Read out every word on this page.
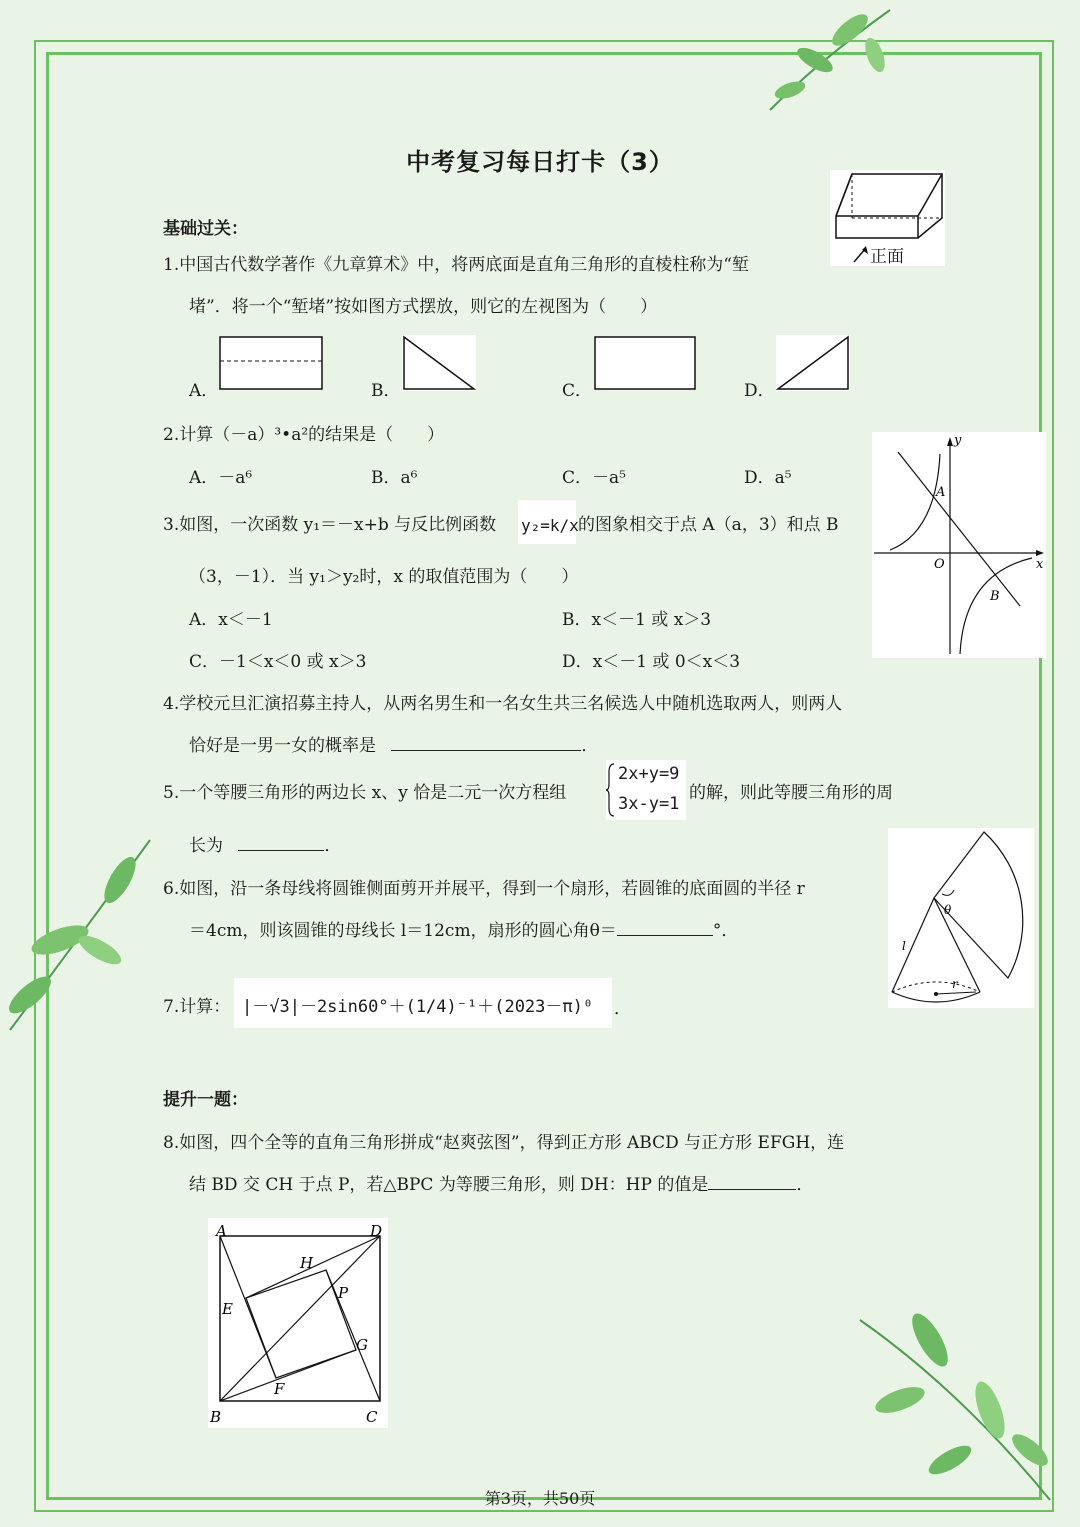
中考复习每日打卡（3）
基础过关：
1.中国古代数学著作《九章算术》中，将两底面是直角三角形的直棱柱称为“堑
堵”．将一个“堑堵”按如图方式摆放，则它的左视图为（　　）
正面
A．	B．	C．	D．
2.计算（－a）³•a²的结果是（　　）
A．－a⁶	B．a⁶	C．－a⁵	D．a⁵
y
x
O
A
B
3.如图，一次函数 y₁＝－x+b 与反比例函数 y₂=k/x 的图象相交于点 A（a，3）和点 B
（3，－1）．当 y₁＞y₂时，x 的取值范围为（　　）
A．x＜－1	B．x＜－1 或 x＞3
C．－1＜x＜0 或 x＞3	D．x＜－1 或 0＜x＜3
4.学校元旦汇演招募主持人，从两名男生和一名女生共三名候选人中随机选取两人，则两人
恰好是一男一女的概率是	．
5.一个等腰三角形的两边长 x、y 恰是二元一次方程组
2x+y=9
3x-y=1
的解，则此等腰三角形的周
长为	．
θ
l
r
6.如图，沿一条母线将圆锥侧面剪开并展平，得到一个扇形，若圆锥的底面圆的半径 r
＝4cm，则该圆锥的母线长 l＝12cm，扇形的圆心角θ＝	°．
7.计算： |－√3|－2sin60°＋(1/4)⁻¹＋(2023－π)⁰ ．
提升一题：
8.如图，四个全等的直角三角形拼成“赵爽弦图”，得到正方形 ABCD 与正方形 EFGH，连
结 BD 交 CH 于点 P，若△BPC 为等腰三角形，则 DH：HP 的值是	．
A	D
H
P
E
G
F
B	C
第3页，共50页
